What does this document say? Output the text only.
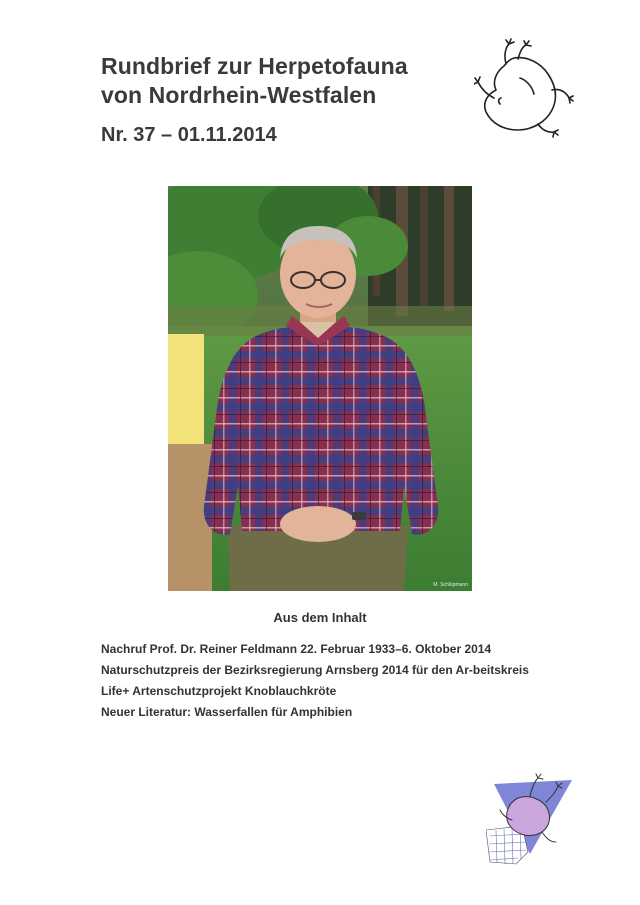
Rundbrief zur Herpetofauna
von Nordrhein-Westfalen
Nr. 37 – 01.11.2014
M. Schlüpmann
Aus dem Inhalt
Nachruf Prof. Dr. Reiner Feldmann 22. Februar 1933–6. Oktober 2014
Naturschutzpreis der Bezirksregierung Arnsberg 2014 für den Ar-beitskreis
Life+ Artenschutzprojekt Knoblauchkröte
Neuer Literatur: Wasserfallen für Amphibien
